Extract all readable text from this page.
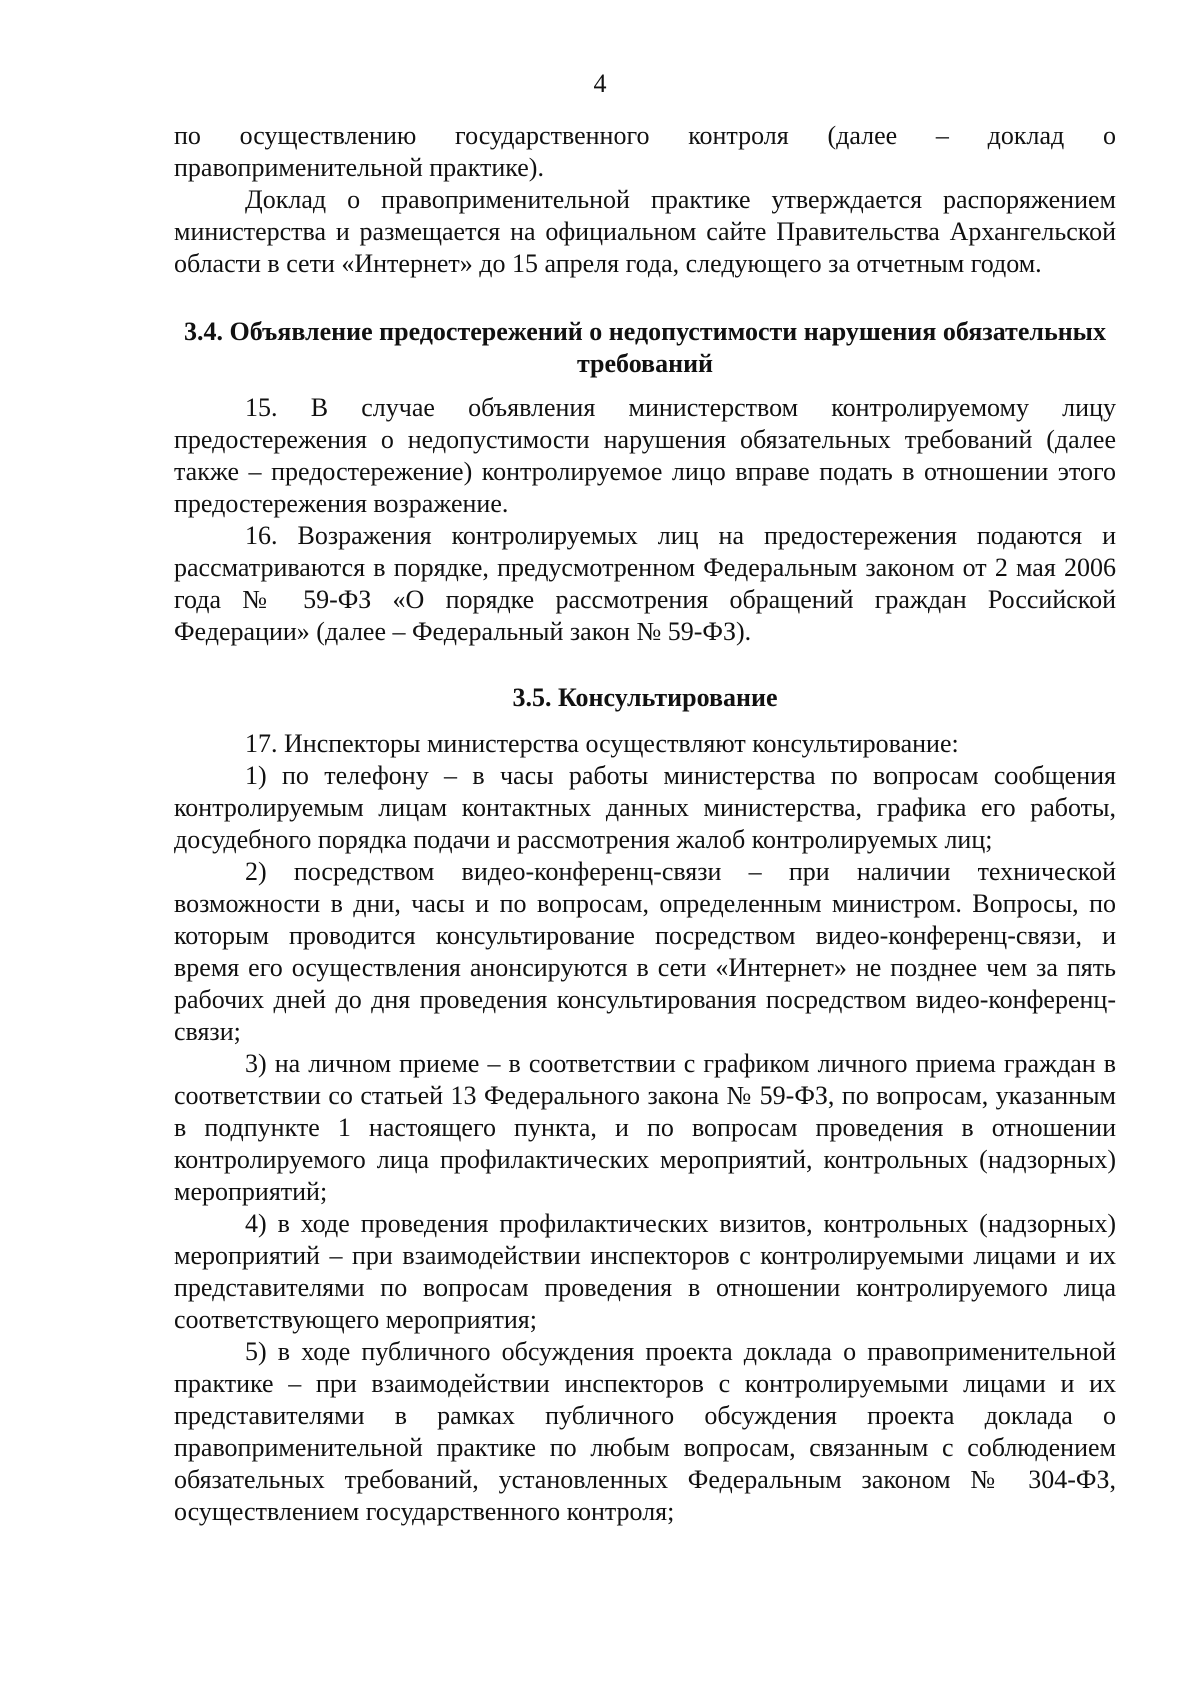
4

по осуществлению государственного контроля (далее – доклад о правоприменительной практике).

Доклад о правоприменительной практике утверждается распоряжением министерства и размещается на официальном сайте Правительства Архангельской области в сети «Интернет» до 15 апреля года, следующего за отчетным годом.

3.4. Объявление предостережений о недопустимости нарушения обязательных требований

15. В случае объявления министерством контролируемому лицу предостережения о недопустимости нарушения обязательных требований (далее также – предостережение) контролируемое лицо вправе подать в отношении этого предостережения возражение.

16. Возражения контролируемых лиц на предостережения подаются и рассматриваются в порядке, предусмотренном Федеральным законом от 2 мая 2006 года № 59-ФЗ «О порядке рассмотрения обращений граждан Российской Федерации» (далее – Федеральный закон № 59-ФЗ).

3.5. Консультирование

17. Инспекторы министерства осуществляют консультирование:

1) по телефону – в часы работы министерства по вопросам сообщения контролируемым лицам контактных данных министерства, графика его работы, досудебного порядка подачи и рассмотрения жалоб контролируемых лиц;

2) посредством видео-конференц-связи – при наличии технической возможности в дни, часы и по вопросам, определенным министром. Вопросы, по которым проводится консультирование посредством видео-конференц-связи, и время его осуществления анонсируются в сети «Интернет» не позднее чем за пять рабочих дней до дня проведения консультирования посредством видео-конференц-связи;

3) на личном приеме – в соответствии с графиком личного приема граждан в соответствии со статьей 13 Федерального закона № 59-ФЗ, по вопросам, указанным в подпункте 1 настоящего пункта, и по вопросам проведения в отношении контролируемого лица профилактических мероприятий, контрольных (надзорных) мероприятий;

4) в ходе проведения профилактических визитов, контрольных (надзорных) мероприятий – при взаимодействии инспекторов с контролируемыми лицами и их представителями по вопросам проведения в отношении контролируемого лица соответствующего мероприятия;

5) в ходе публичного обсуждения проекта доклада о правоприменительной практике – при взаимодействии инспекторов с контролируемыми лицами и их представителями в рамках публичного обсуждения проекта доклада о правоприменительной практике по любым вопросам, связанным с соблюдением обязательных требований, установленных Федеральным законом № 304-ФЗ, осуществлением государственного контроля;
